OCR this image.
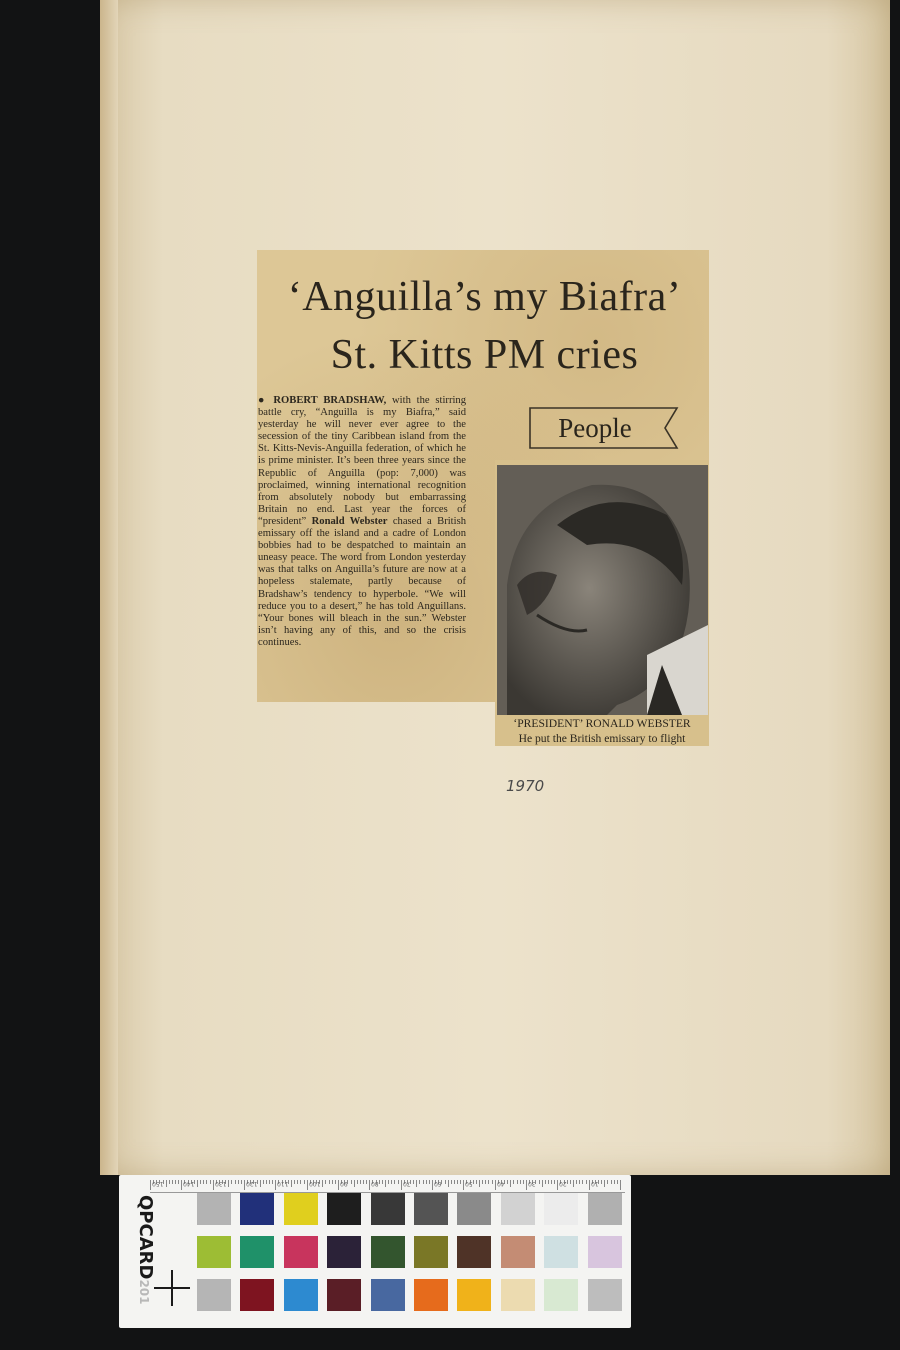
‘Anguilla’s my Biafra’
St. Kitts PM cries

● ROBERT BRADSHAW, with the stirring battle cry, “Anguilla is my Biafra,” said yesterday he will never ever agree to the secession of the tiny Caribbean island from the St. Kitts-Nevis-Anguilla federation, of which he is prime minister. It’s been three years since the Republic of Anguilla (pop: 7,000) was proclaimed, winning international recognition from absolutely nobody but embarrassing Britain no end. Last year the forces of “president” Ronald Webster chased a British emissary off the island and a cadre of London bobbies had to be despatched to maintain an uneasy peace. The word from London yesterday was that talks on Anguilla’s future are now at a hopeless stalemate, partly because of Bradshaw’s tendency to hyperbole. “We will reduce you to a desert,” he has told Anguillans. “Your bones will bleach in the sun.” Webster isn’t having any of this, and so the crisis continues.

People
‘PRESIDENT’ RONALD WEBSTER
He put the British emissary to flight
1970
150	140	130	120	110	100	90	80	70	60	50	40	30	20	10
QPCARD201
